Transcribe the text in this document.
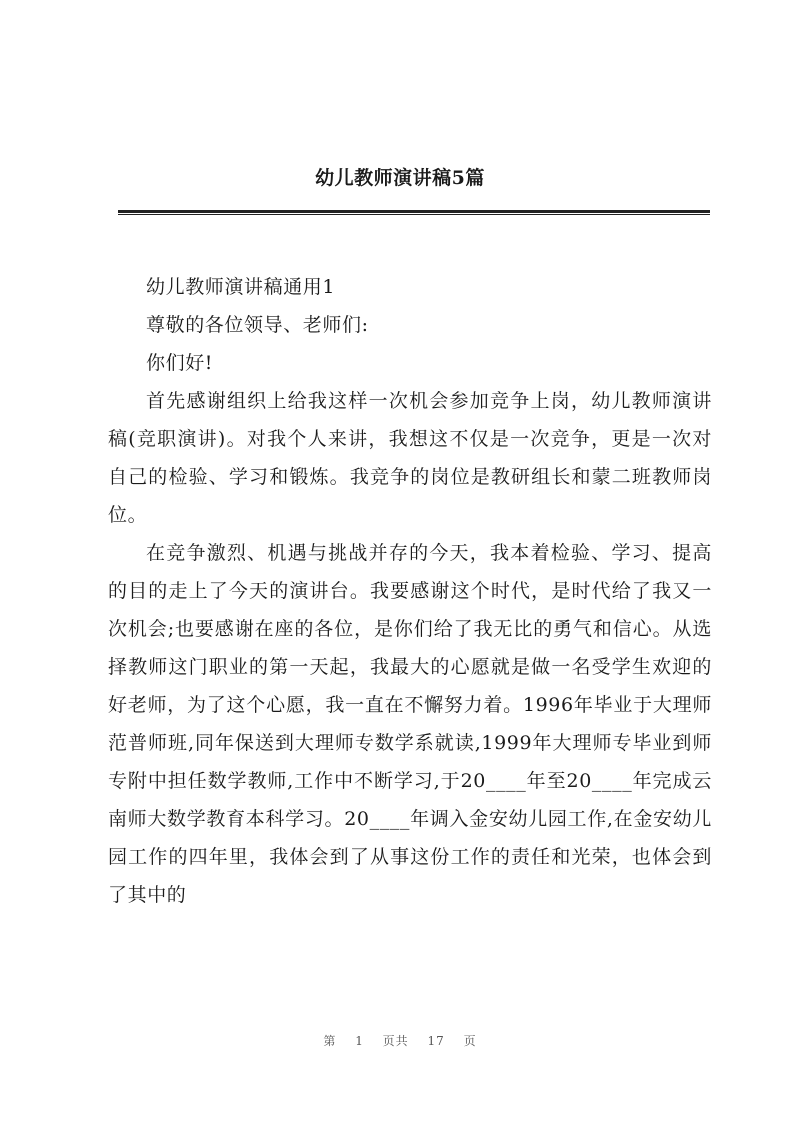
幼儿教师演讲稿5篇

幼儿教师演讲稿通用1

尊敬的各位领导、老师们:

你们好!

首先感谢组织上给我这样一次机会参加竞争上岗，幼儿教师演讲稿(竞职演讲)。对我个人来讲，我想这不仅是一次竞争，更是一次对自己的检验、学习和锻炼。我竞争的岗位是教研组长和蒙二班教师岗位。

在竞争激烈、机遇与挑战并存的今天，我本着检验、学习、提高的目的走上了今天的演讲台。我要感谢这个时代，是时代给了我又一次机会;也要感谢在座的各位，是你们给了我无比的勇气和信心。从选择教师这门职业的第一天起，我最大的心愿就是做一名受学生欢迎的好老师，为了这个心愿，我一直在不懈努力着。1996年毕业于大理师范普师班,同年保送到大理师专数学系就读,1999年大理师专毕业到师专附中担任数学教师,工作中不断学习,于20____年至20____年完成云南师大数学教育本科学习。20____年调入金安幼儿园工作,在金安幼儿园工作的四年里，我体会到了从事这份工作的责任和光荣，也体会到了其中的

第 1 页共 17 页
